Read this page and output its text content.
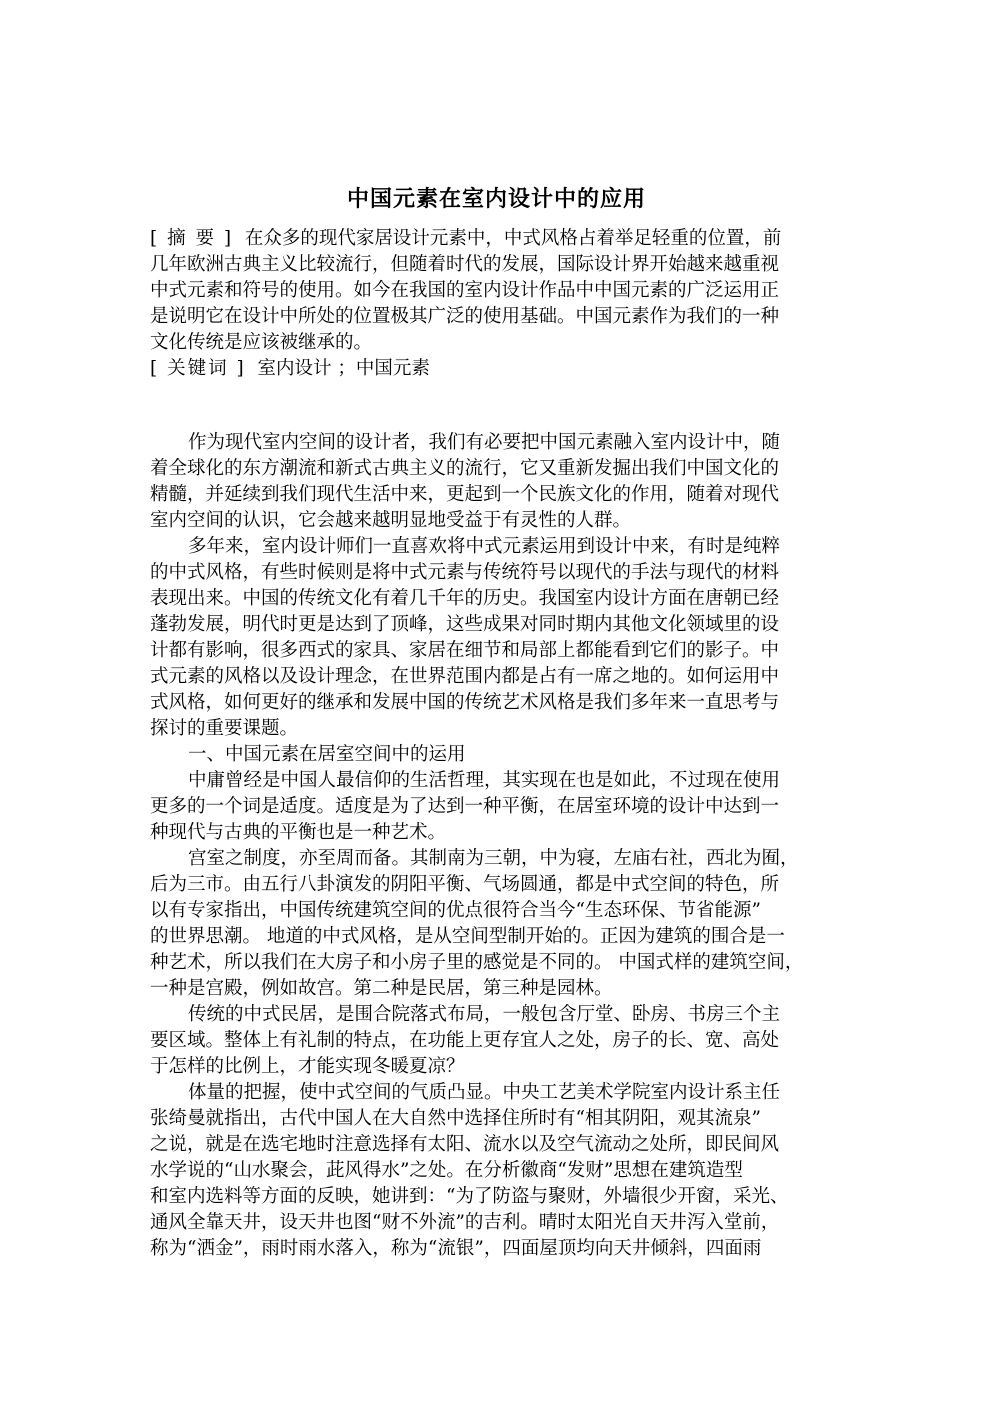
中国元素在室内设计中的应用
[ 摘 要 ] 在众多的现代家居设计元素中，中式风格占着举足轻重的位置，前
几年欧洲古典主义比较流行，但随着时代的发展，国际设计界开始越来越重视
中式元素和符号的使用。如今在我国的室内设计作品中中国元素的广泛运用正
是说明它在设计中所处的位置极其广泛的使用基础。中国元素作为我们的一种
文化传统是应该被继承的。
[ 关键词 ] 室内设计 ；中国元素
作为现代室内空间的设计者，我们有必要把中国元素融入室内设计中，随
着全球化的东方潮流和新式古典主义的流行，它又重新发掘出我们中国文化的
精髓，并延续到我们现代生活中来，更起到一个民族文化的作用，随着对现代
室内空间的认识，它会越来越明显地受益于有灵性的人群。
多年来，室内设计师们一直喜欢将中式元素运用到设计中来，有时是纯粹
的中式风格，有些时候则是将中式元素与传统符号以现代的手法与现代的材料
表现出来。中国的传统文化有着几千年的历史。我国室内设计方面在唐朝已经
蓬勃发展，明代时更是达到了顶峰，这些成果对同时期内其他文化领域里的设
计都有影响，很多西式的家具、家居在细节和局部上都能看到它们的影子。中
式元素的风格以及设计理念，在世界范围内都是占有一席之地的。如何运用中
式风格，如何更好的继承和发展中国的传统艺术风格是我们多年来一直思考与
探讨的重要课题。
一、中国元素在居室空间中的运用
中庸曾经是中国人最信仰的生活哲理，其实现在也是如此，不过现在使用
更多的一个词是适度。适度是为了达到一种平衡，在居室环境的设计中达到一
种现代与古典的平衡也是一种艺术。
宫室之制度，亦至周而备。其制南为三朝，中为寝，左庙右社，西北为囿，
后为三市。由五行八卦演发的阴阳平衡、气场圆通，都是中式空间的特色，所
以有专家指出，中国传统建筑空间的优点很符合当今“生态环保、节省能源”
的世界思潮。 地道的中式风格，是从空间型制开始的。正因为建筑的围合是一
种艺术，所以我们在大房子和小房子里的感觉是不同的。 中国式样的建筑空间，
一种是宫殿，例如故宫。第二种是民居，第三种是园林。
传统的中式民居，是围合院落式布局，一般包含厅堂、卧房、书房三个主
要区域。整体上有礼制的特点，在功能上更存宜人之处，房子的长、宽、高处
于怎样的比例上，才能实现冬暖夏凉？
体量的把握，使中式空间的气质凸显。中央工艺美术学院室内设计系主任
张绮曼就指出，古代中国人在大自然中选择住所时有“相其阴阳，观其流泉”
之说，就是在选宅地时注意选择有太阳、流水以及空气流动之处所，即民间风
水学说的“山水聚会，茈风得水”之处。在分析徽商“发财”思想在建筑造型
和室内选料等方面的反映，她讲到：“为了防盗与聚财，外墙很少开窗，采光、
通风全靠天井，设天井也图“财不外流”的吉利。晴时太阳光自天井泻入堂前，
称为“洒金”，雨时雨水落入，称为“流银”，四面屋顶均向天井倾斜，四面雨
